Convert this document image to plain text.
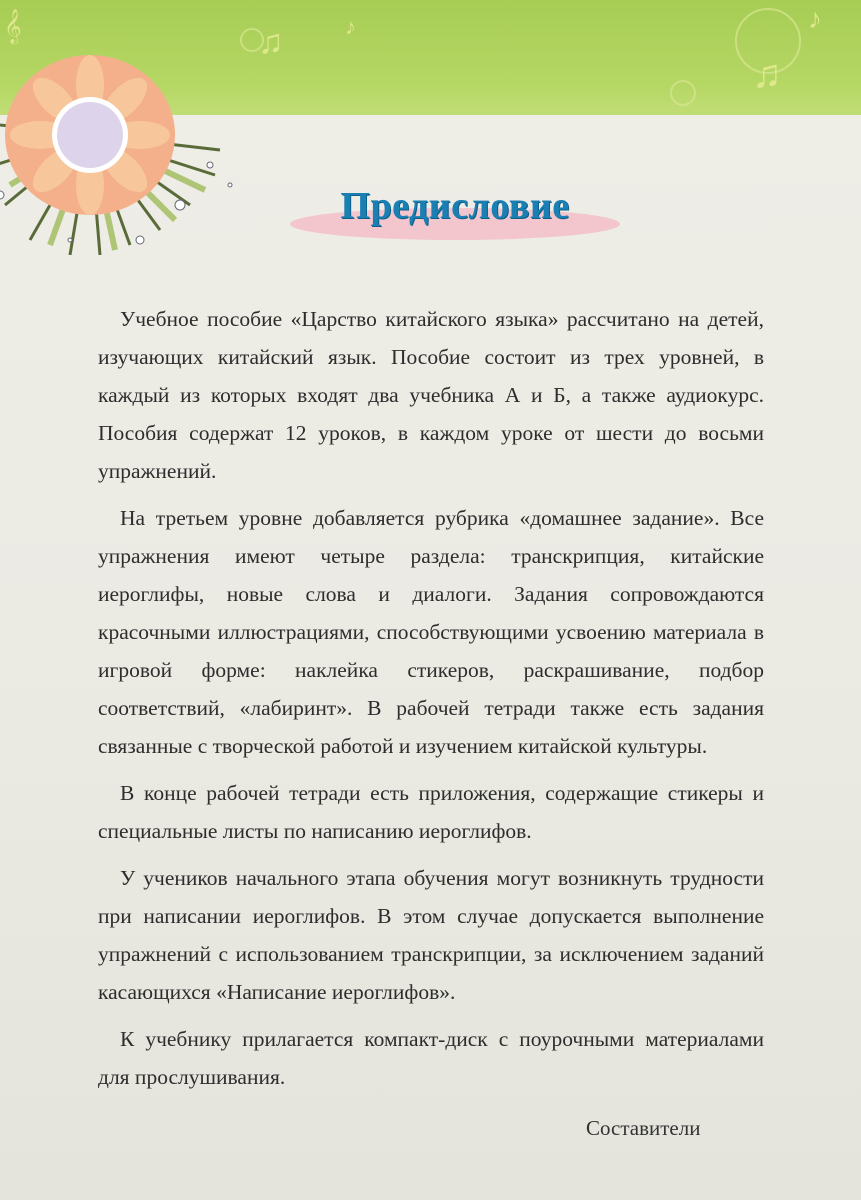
𝄞	♫	♪
♫
♪
Предисловие

Учебное пособие «Царство китайского языка» рассчитано на детей, изучающих китайский язык. Пособие состоит из трех уровней, в каждый из которых входят два учебника А и Б, а также аудиокурс. Пособия содержат 12 уроков, в каждом уроке от шести до восьми упражнений.

На третьем уровне добавляется рубрика «домашнее задание». Все упражнения имеют четыре раздела: транскрипция, китайские иероглифы, новые слова и диалоги. Задания сопровождаются красочными иллюстрациями, способствующими усвоению материала в игровой форме: наклейка стикеров, раскрашивание, подбор соответствий, «лабиринт». В рабочей тетради также есть задания связанные с творческой работой и изучением китайской культуры.

В конце рабочей тетради есть приложения, содержащие стикеры и специальные листы по написанию иероглифов.

У учеников начального этапа обучения могут возникнуть трудности при написании иероглифов. В этом случае допускается выполнение упражнений с использованием транскрипции, за исключением заданий касающихся «Написание иероглифов».

К учебнику прилагается компакт-диск с поурочными материалами для прослушивания.

Составители
